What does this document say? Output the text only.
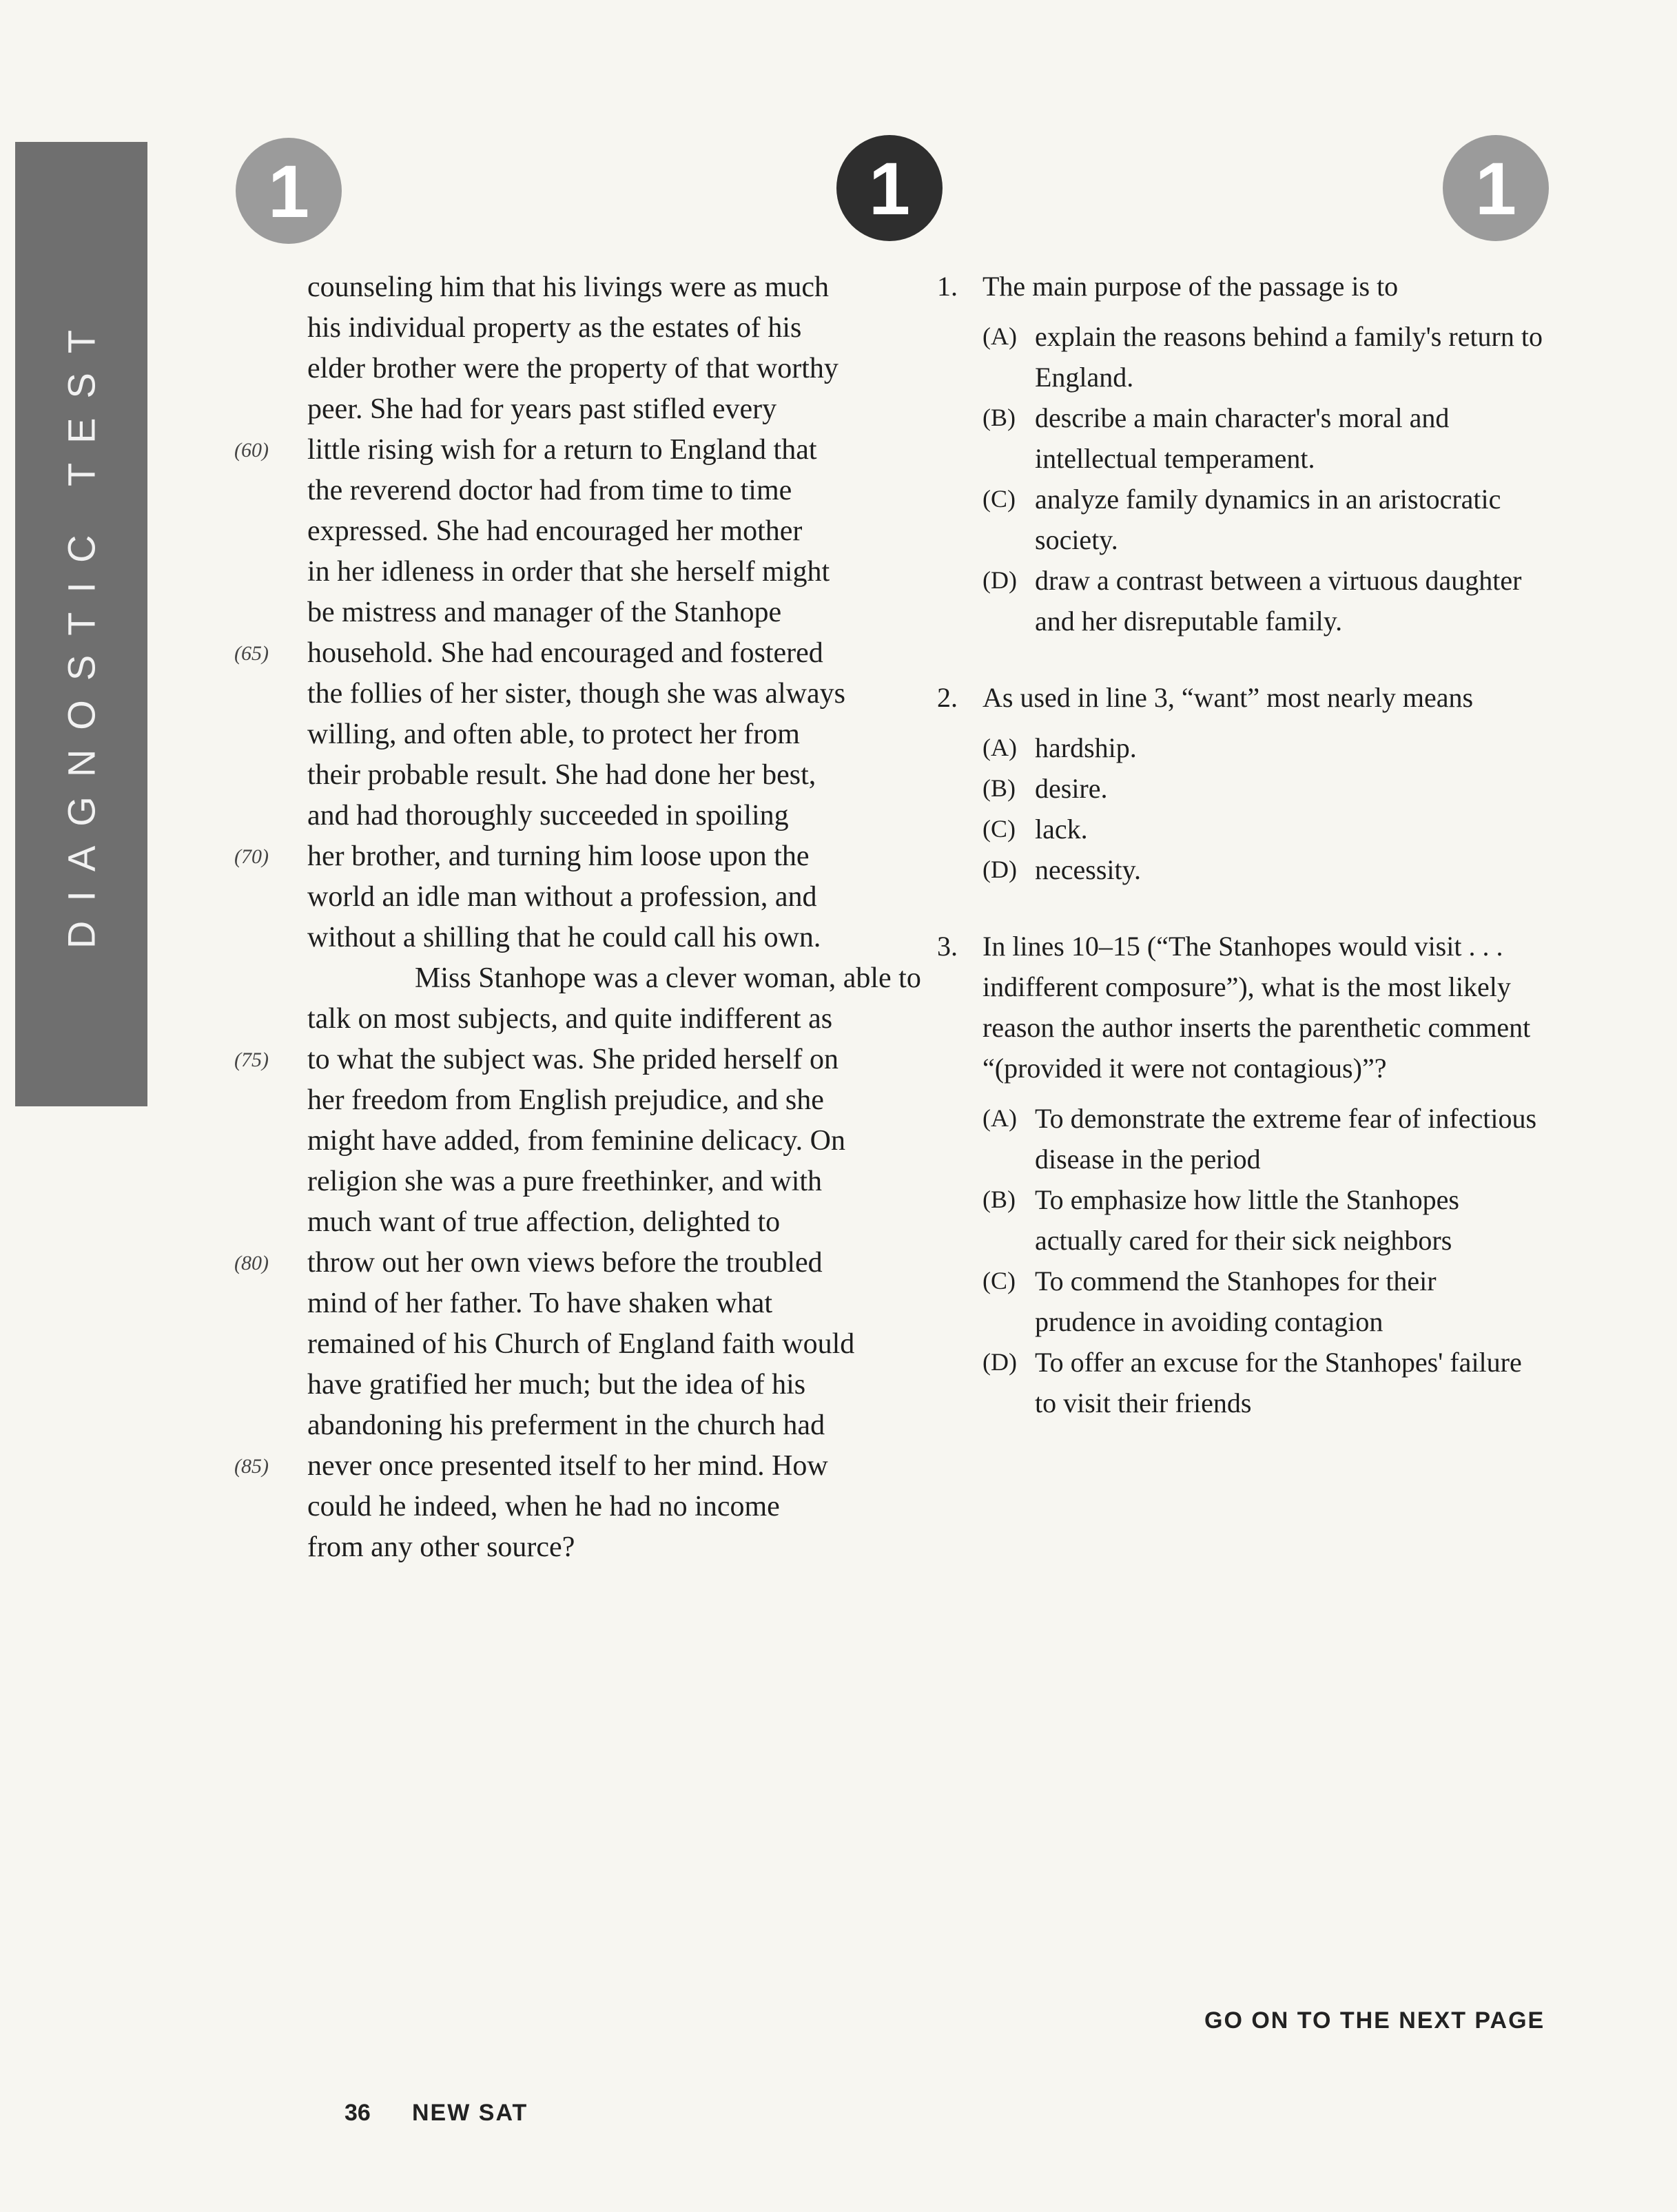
DIAGNOSTIC TEST
1	1	1
counseling him that his livings were as much
his individual property as the estates of his
elder brother were the property of that worthy
peer. She had for years past stifled every
(60) little rising wish for a return to England that
the reverend doctor had from time to time
expressed. She had encouraged her mother
in her idleness in order that she herself might
be mistress and manager of the Stanhope
(65) household. She had encouraged and fostered
the follies of her sister, though she was always
willing, and often able, to protect her from
their probable result. She had done her best,
and had thoroughly succeeded in spoiling
(70) her brother, and turning him loose upon the
world an idle man without a profession, and
without a shilling that he could call his own.
Miss Stanhope was a clever woman, able to
talk on most subjects, and quite indifferent as
(75) to what the subject was. She prided herself on
her freedom from English prejudice, and she
might have added, from feminine delicacy. On
religion she was a pure freethinker, and with
much want of true affection, delighted to
(80) throw out her own views before the troubled
mind of her father. To have shaken what
remained of his Church of England faith would
have gratified her much; but the idea of his
abandoning his preferment in the church had
(85) never once presented itself to her mind. How
could he indeed, when he had no income
from any other source?
1. The main purpose of the passage is to
(A) explain the reasons behind a family's return to England.
(B) describe a main character's moral and intellectual temperament.
(C) analyze family dynamics in an aristocratic society.
(D) draw a contrast between a virtuous daughter and her disreputable family.
2. As used in line 3, “want” most nearly means
(A) hardship.
(B) desire.
(C) lack.
(D) necessity.
3. In lines 10–15 (“The Stanhopes would visit . . . indifferent composure”), what is the most likely reason the author inserts the parenthetic comment “(provided it were not contagious)”?
(A) To demonstrate the extreme fear of infectious disease in the period
(B) To emphasize how little the Stanhopes actually cared for their sick neighbors
(C) To commend the Stanhopes for their prudence in avoiding contagion
(D) To offer an excuse for the Stanhopes' failure to visit their friends
GO ON TO THE NEXT PAGE
36 NEW SAT
